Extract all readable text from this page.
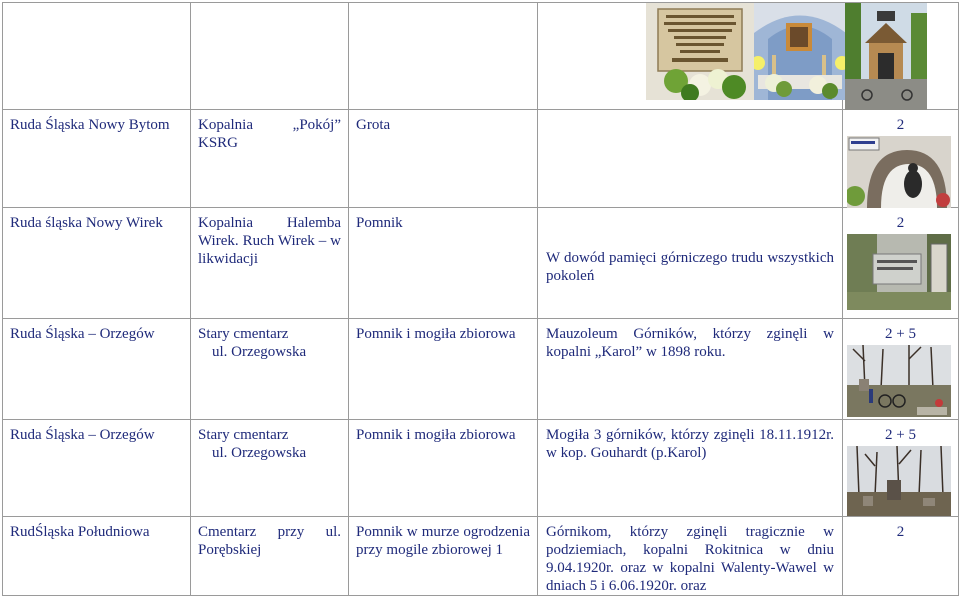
Ruda Śląska Nowy Bytom	Kopalnia „Pokój” KSRG	Grota		2

Ruda śląska Nowy Wirek	Kopalnia Halemba Wirek. Ruch Wirek – w likwidacji	Pomnik	W dowód pamięci górniczego trudu wszystkich pokoleń	2

Ruda Śląska – Orzegów	Stary cmentarz
ul. Orzegowska	Pomnik i mogiła zbiorowa	Mauzoleum Górników, którzy zginęli w kopalni „Karol” w 1898 roku.	2 + 5

Ruda Śląska – Orzegów	Stary cmentarz
ul. Orzegowska	Pomnik i mogiła zbiorowa	Mogiła 3 górników, którzy zginęli 18.11.1912r. w kop. Gouhardt (p.Karol)	2 + 5

RudŚląska Południowa	Cmentarz przy ul. Porębskiej	Pomnik w murze ogrodzenia przy mogile zbiorowej 1	Górnikom, którzy zginęli tragicznie w podziemiach, kopalni Rokitnica w dniu 9.04.1920r. oraz w kopalni Walenty-Wawel w dniach 5 i 6.06.1920r. oraz	2
